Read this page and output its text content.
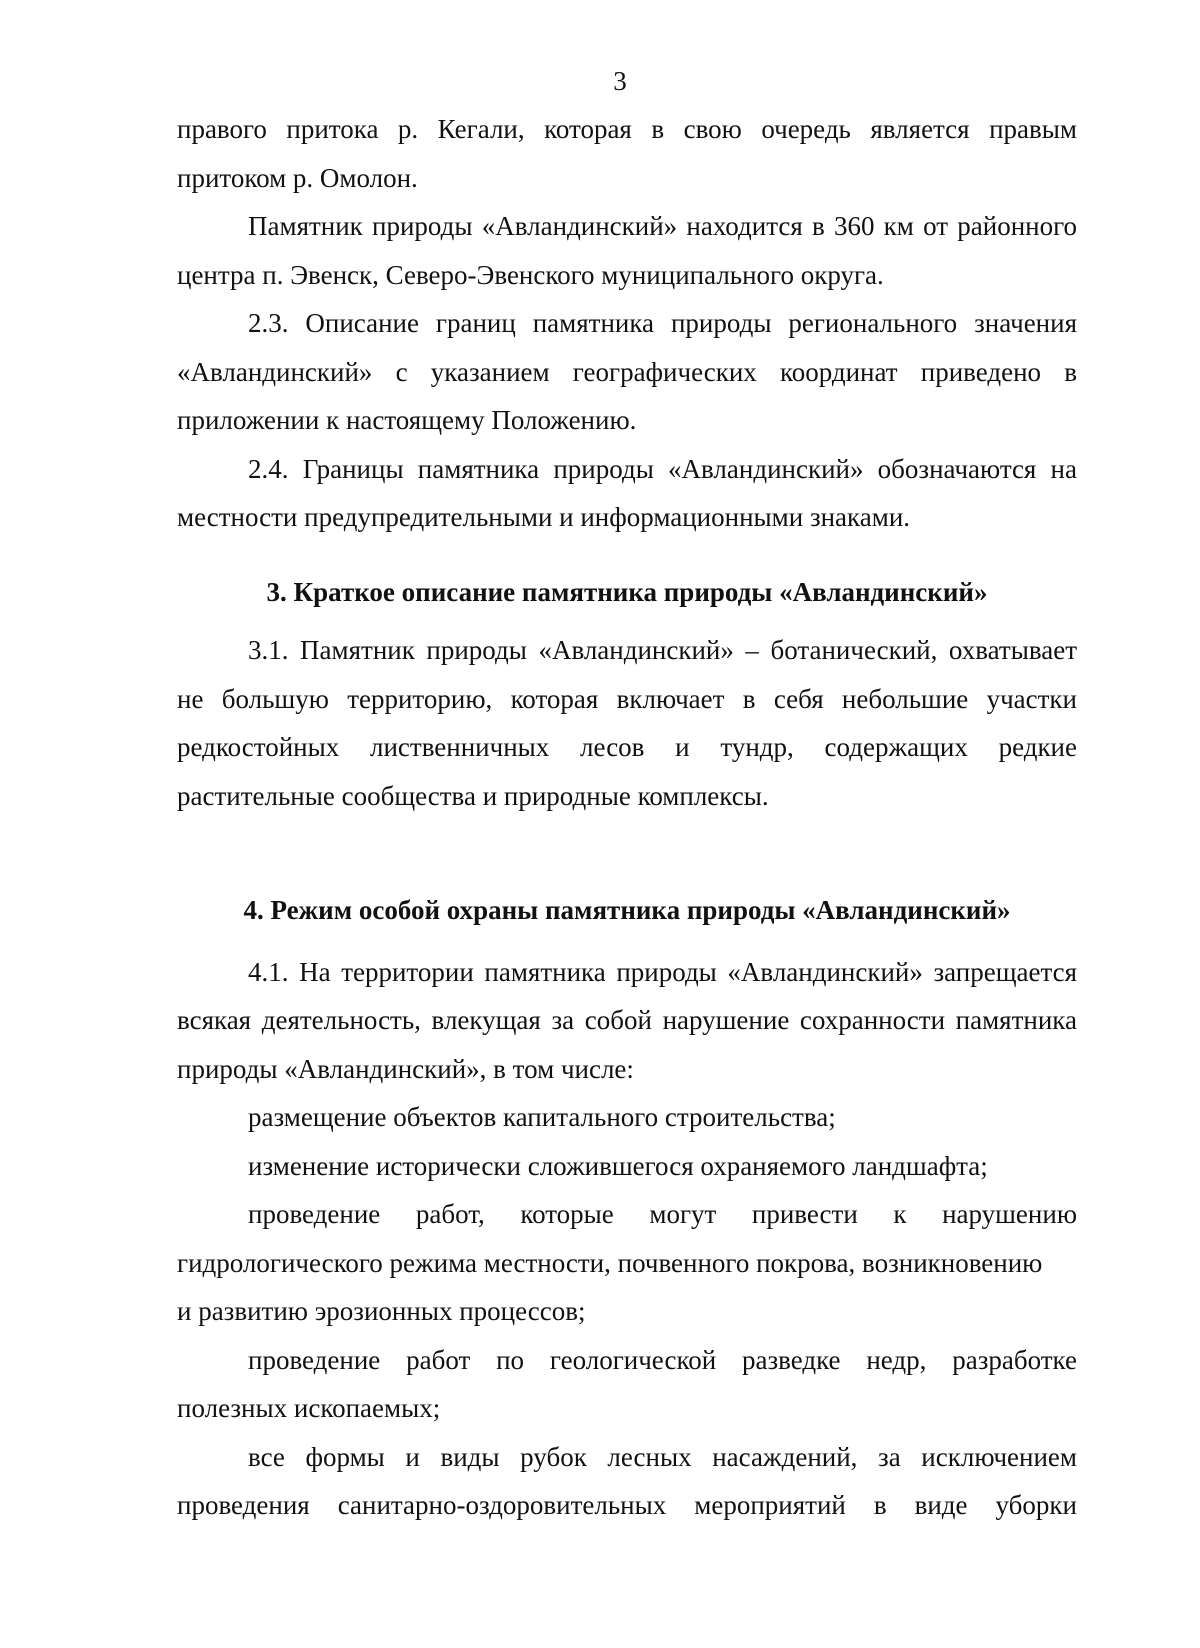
3

правого притока р. Кегали, которая в свою очередь является правым притоком р. Омолон.

Памятник природы «Авландинский» находится в 360 км от районного центра п. Эвенск, Северо-Эвенского муниципального округа.

2.3. Описание границ памятника природы регионального значения «Авландинский» с указанием географических координат приведено в приложении к настоящему Положению.

2.4. Границы памятника природы «Авландинский» обозначаются на местности предупредительными и информационными знаками.

3. Краткое описание памятника природы «Авландинский»

3.1. Памятник природы «Авландинский» – ботанический, охватывает не большую территорию, которая включает в себя небольшие участки редкостойных лиственничных лесов и тундр, содержащих редкие растительные сообщества и природные комплексы.

4. Режим особой охраны памятника природы «Авландинский»

4.1. На территории памятника природы «Авландинский» запрещается всякая деятельность, влекущая за собой нарушение сохранности памятника природы «Авландинский», в том числе:

размещение объектов капитального строительства;

изменение исторически сложившегося охраняемого ландшафта;

проведение работ, которые могут привести к нарушению гидрологического режима местности, почвенного покрова, возникновению

и развитию эрозионных процессов;

проведение работ по геологической разведке недр, разработке полезных ископаемых;

все формы и виды рубок лесных насаждений, за исключением проведения санитарно-оздоровительных мероприятий в виде уборки
